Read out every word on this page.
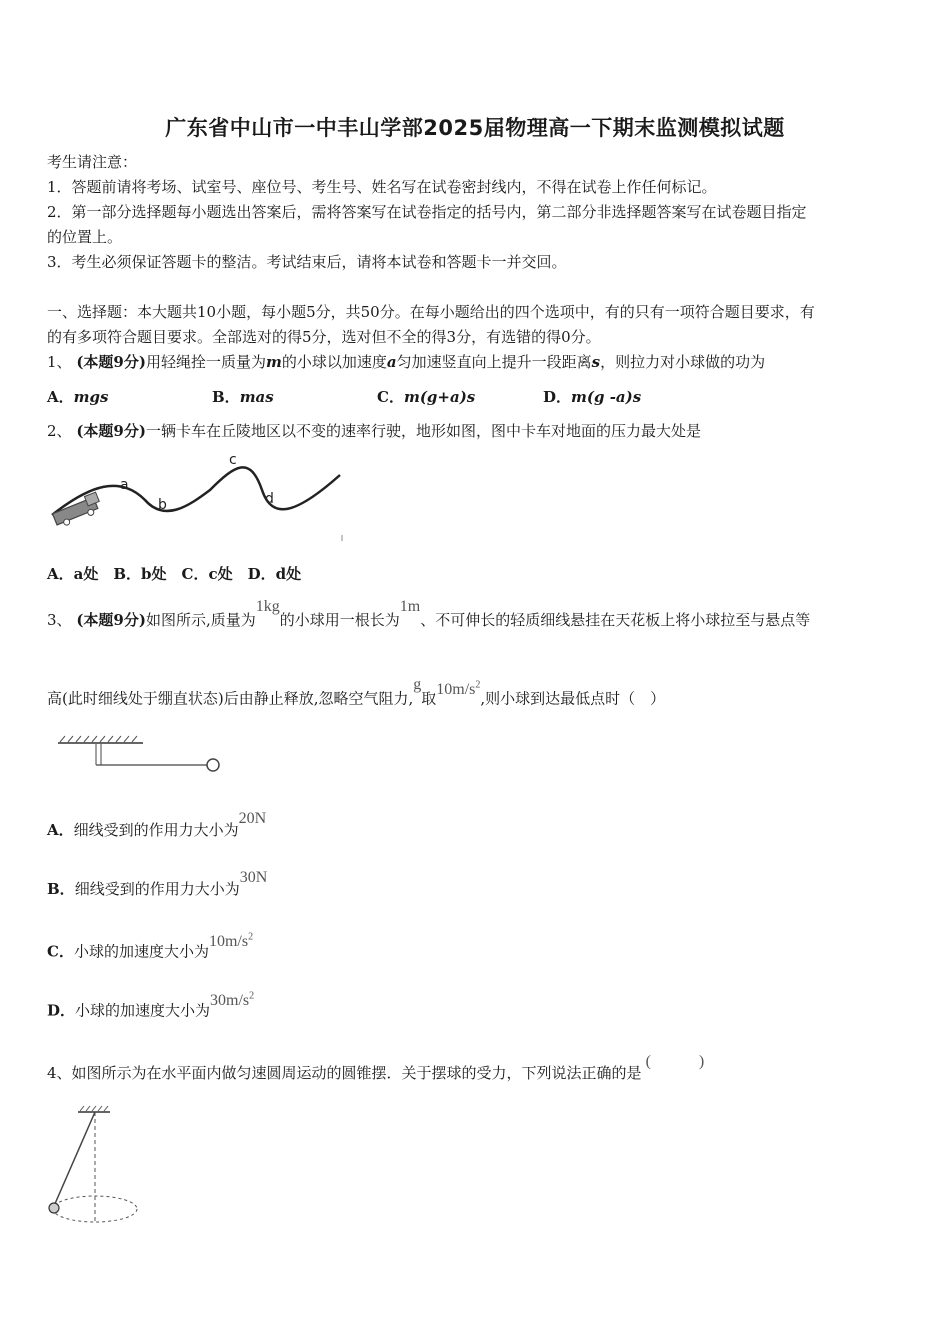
广东省中山市一中丰山学部2025届物理高一下期末监测模拟试题
考生请注意：
1．答题前请将考场、试室号、座位号、考生号、姓名写在试卷密封线内，不得在试卷上作任何标记。
2．第一部分选择题每小题选出答案后，需将答案写在试卷指定的括号内，第二部分非选择题答案写在试卷题目指定
的位置上。
3．考生必须保证答题卡的整洁。考试结束后，请将本试卷和答题卡一并交回。
一、选择题：本大题共10小题，每小题5分，共50分。在每小题给出的四个选项中，有的只有一项符合题目要求，有
的有多项符合题目要求。全部选对的得5分，选对但不全的得3分，有选错的得0分。
1、 (本题9分)用轻绳拴一质量为m的小球以加速度a匀加速竖直向上提升一段距离s，则拉力对小球做的功为
A．mgs	B．mas	C．m(g+a)s	D．m(g -a)s
2、 (本题9分)一辆卡车在丘陵地区以不变的速率行驶，地形如图，图中卡车对地面的压力最大处是
a
b
c
d
A．a处　B．b处　C．c处　D．d处
3、 (本题9分)如图所示,质量为1kg的小球用一根长为1m、不可伸长的轻质细线悬挂在天花板上将小球拉至与悬点等
高(此时细线处于绷直状态)后由静止释放,忽略空气阻力,g取$10m/s^2$,则小球到达最低点时（　）
A．细线受到的作用力大小为20N
B．细线受到的作用力大小为30N
C．小球的加速度大小为$10m/s^2$
D．小球的加速度大小为$30m/s^2$
4、如图所示为在水平面内做匀速圆周运动的圆锥摆．关于摆球的受力，下列说法正确的是(　　　)
